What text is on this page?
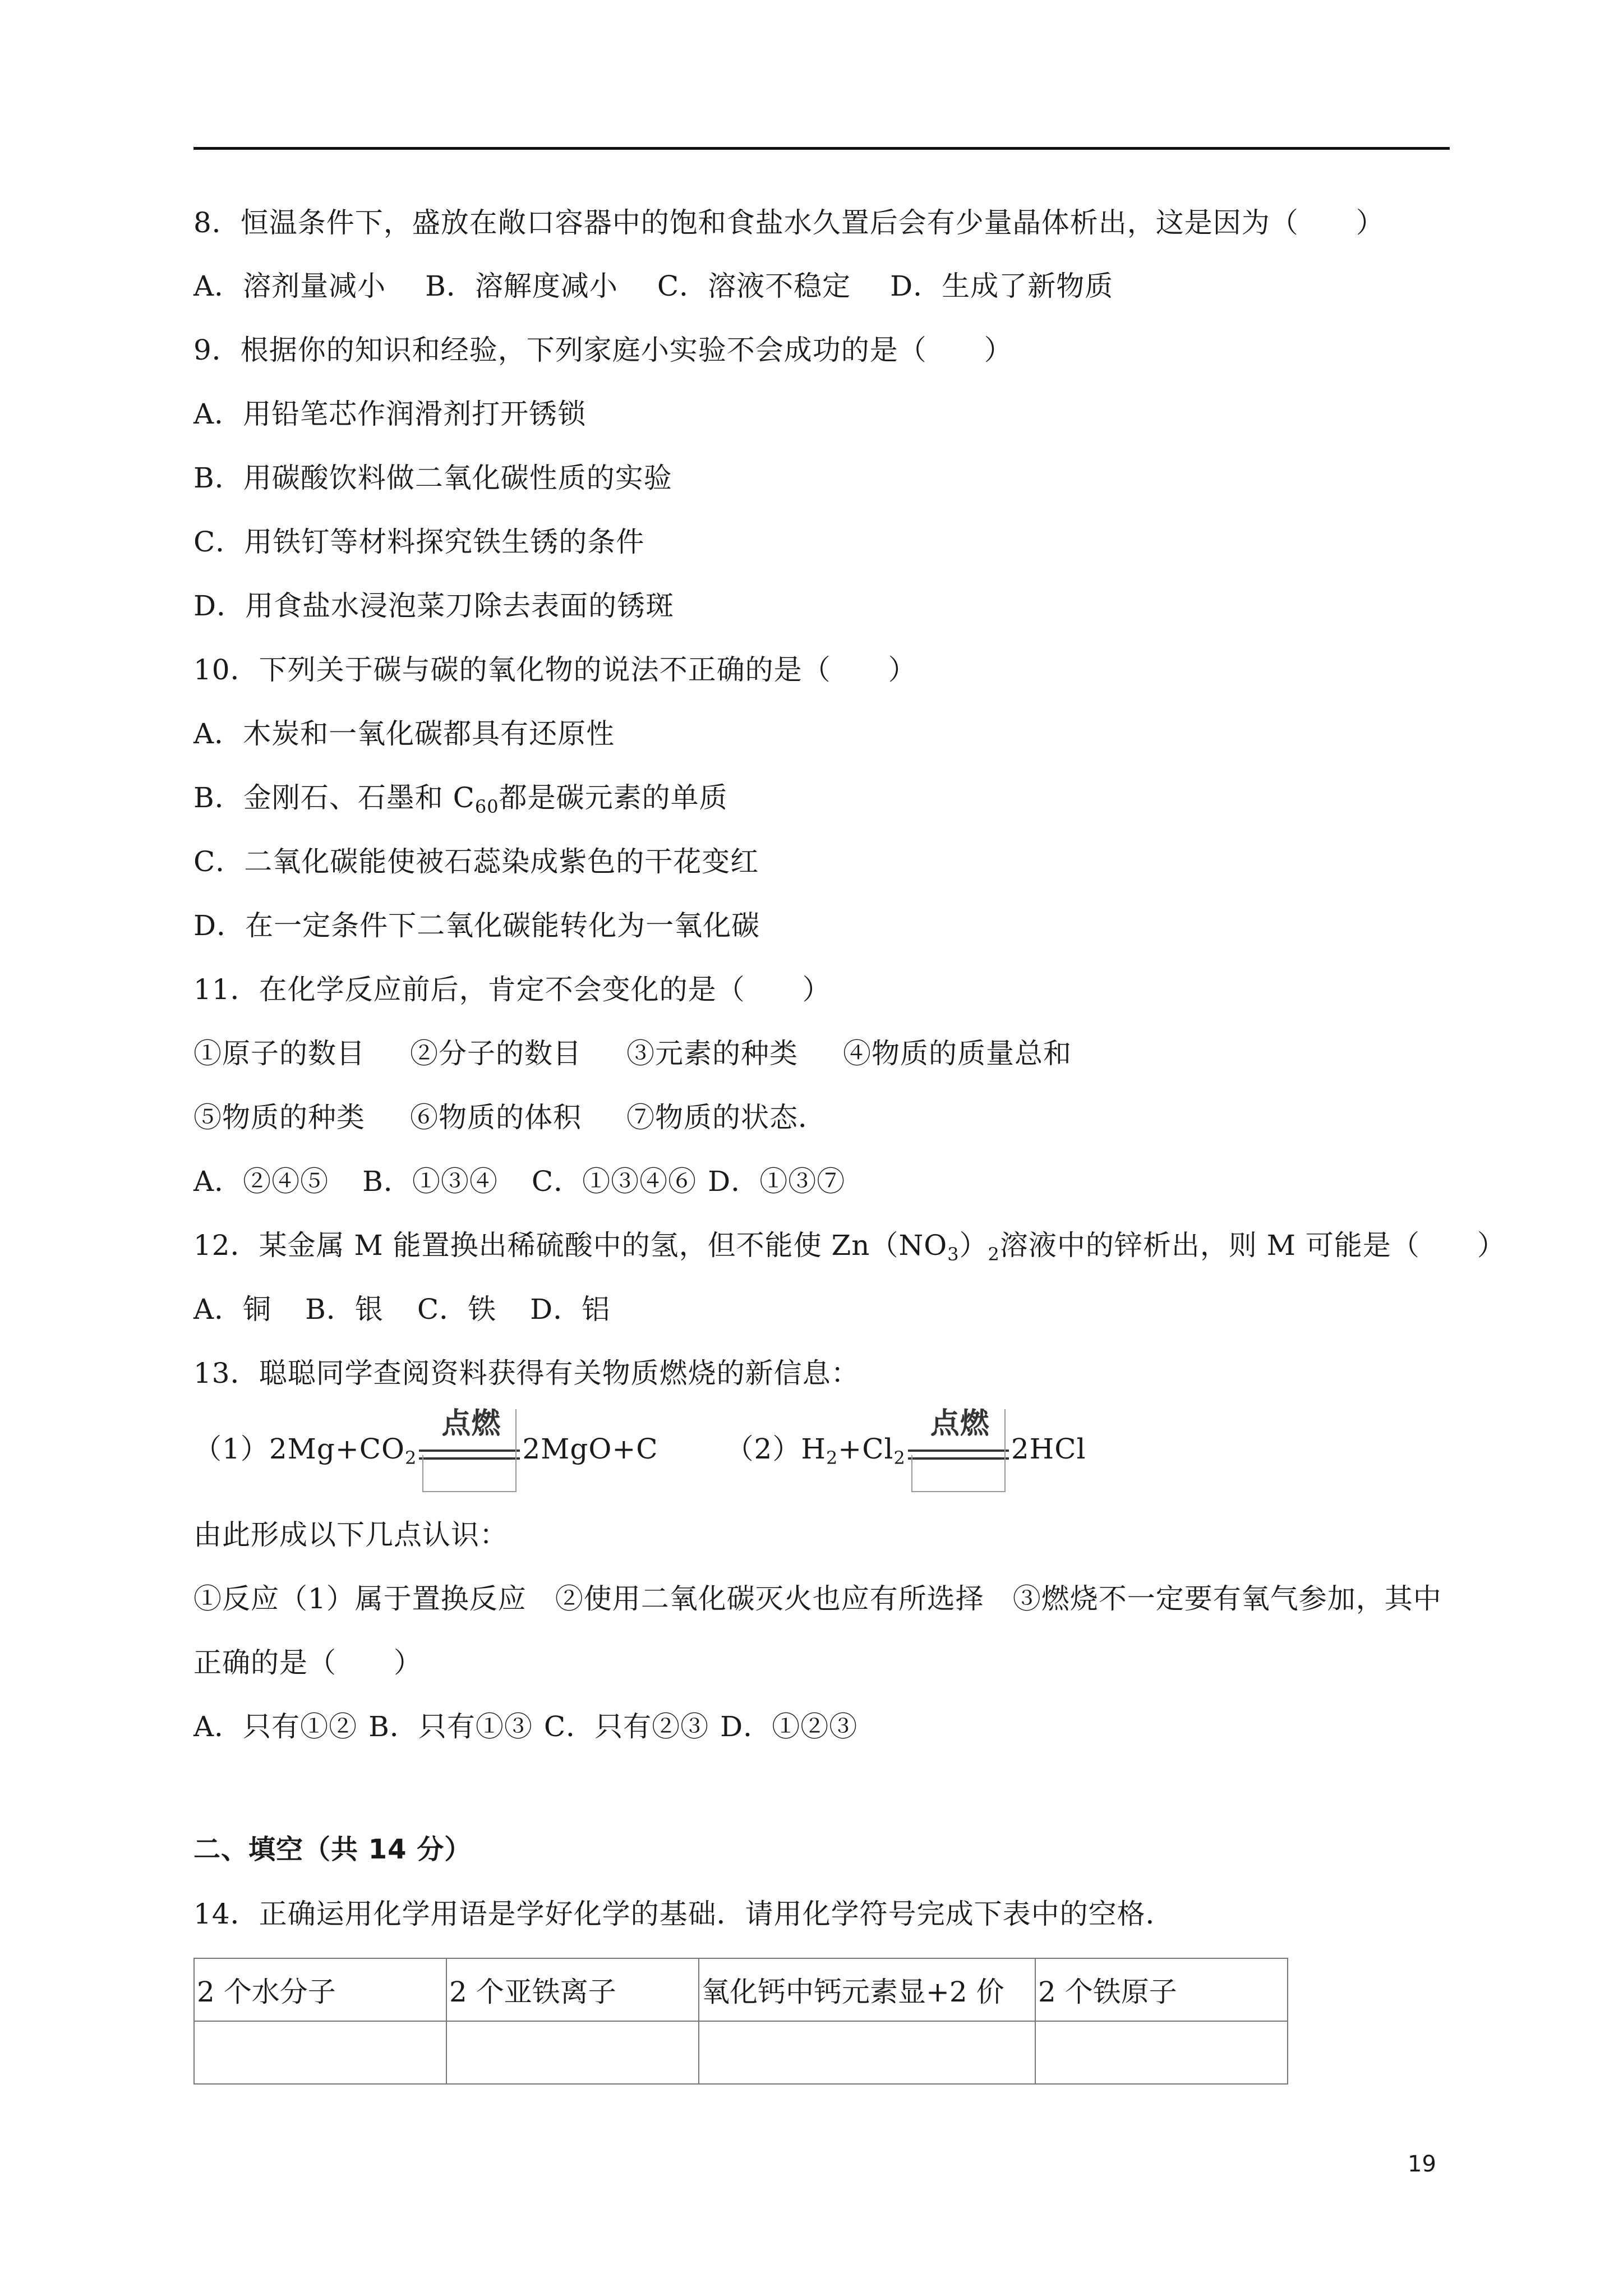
8．恒温条件下，盛放在敞口容器中的饱和食盐水久置后会有少量晶体析出，这是因为（　　）
A．溶剂量减小 B．溶解度减小 C．溶液不稳定 D．生成了新物质
9．根据你的知识和经验，下列家庭小实验不会成功的是（　　）
A．用铅笔芯作润滑剂打开锈锁
B．用碳酸饮料做二氧化碳性质的实验
C．用铁钉等材料探究铁生锈的条件
D．用食盐水浸泡菜刀除去表面的锈斑
10．下列关于碳与碳的氧化物的说法不正确的是（　　）
A．木炭和一氧化碳都具有还原性
B．金刚石、石墨和 $C_{60}$都是碳元素的单质
C．二氧化碳能使被石蕊染成紫色的干花变红
D．在一定条件下二氧化碳能转化为一氧化碳
11．在化学反应前后，肯定不会变化的是（　　）
①原子的数目 ②分子的数目 ③元素的种类 ④物质的质量总和
⑤物质的种类 ⑥物质的体积 ⑦物质的状态．
A．②④⑤ B．①③④ C．①③④⑥ D．①③⑦
12．某金属 M 能置换出稀硫酸中的氢，但不能使 $Zn(NO_3)_2$溶液中的锌析出，则 M 可能是（　　）
A．铜 B．银 C．铁 D．铝
13．聪聪同学查阅资料获得有关物质燃烧的新信息：
$(1)2Mg+CO_2$
点燃
2MgO+C $(2)H_2+Cl_2$
点燃
2HCl
由此形成以下几点认识：
①反应（1）属于置换反应　②使用二氧化碳灭火也应有所选择　③燃烧不一定要有氧气参加，其中
正确的是（　　）
A．只有①② B．只有①③ C．只有②③ D．①②③
二、填空（共 14 分）
14．正确运用化学用语是学好化学的基础．请用化学符号完成下表中的空格．
2 个水分子	2 个亚铁离子	氧化钙中钙元素显+2 价	2 个铁原子

19
